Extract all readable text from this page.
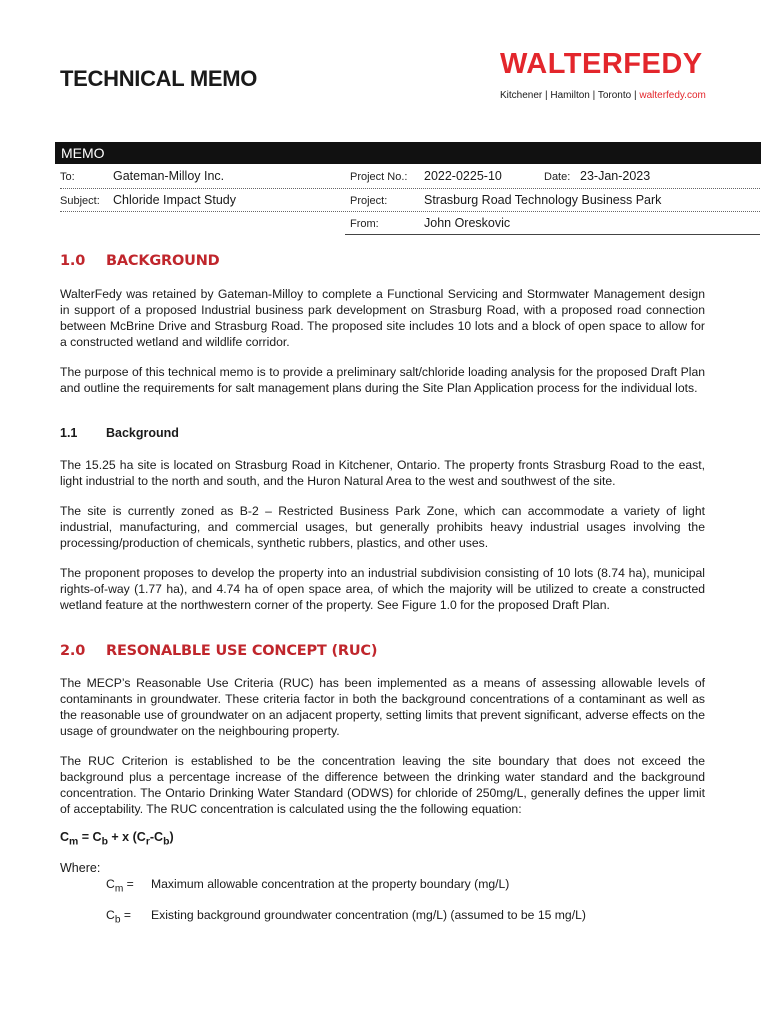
TECHNICAL MEMO	WALTERFEDY
Kitchener | Hamilton | Toronto | walterfedy.com
MEMO
To:	Gateman-Milloy Inc.	Project No.: 2022-0225-10	Date: 23-Jan-2023
Subject: Chloride Impact Study	Project:	Strasburg Road Technology Business Park
From:	John Oreskovic
1.0 BACKGROUND
WalterFedy was retained by Gateman-Milloy to complete a Functional Servicing and Stormwater Management design in support of a proposed Industrial business park development on Strasburg Road, with a proposed road connection between McBrine Drive and Strasburg Road. The proposed site includes 10 lots and a block of open space to allow for a constructed wetland and wildlife corridor.
The purpose of this technical memo is to provide a preliminary salt/chloride loading analysis for the proposed Draft Plan and outline the requirements for salt management plans during the Site Plan Application process for the individual lots.
1.1 Background
The 15.25 ha site is located on Strasburg Road in Kitchener, Ontario. The property fronts Strasburg Road to the east, light industrial to the north and south, and the Huron Natural Area to the west and southwest of the site.
The site is currently zoned as B-2 – Restricted Business Park Zone, which can accommodate a variety of light industrial, manufacturing, and commercial usages, but generally prohibits heavy industrial usages involving the processing/production of chemicals, synthetic rubbers, plastics, and other uses.
The proponent proposes to develop the property into an industrial subdivision consisting of 10 lots (8.74 ha), municipal rights-of-way (1.77 ha), and 4.74 ha of open space area, of which the majority will be utilized to create a constructed wetland feature at the northwestern corner of the property. See Figure 1.0 for the proposed Draft Plan.
2.0 RESONALBLE USE CONCEPT (RUC)
The MECP’s Reasonable Use Criteria (RUC) has been implemented as a means of assessing allowable levels of contaminants in groundwater. These criteria factor in both the background concentrations of a contaminant as well as the reasonable use of groundwater on an adjacent property, setting limits that prevent significant, adverse effects on the usage of groundwater on the neighbouring property.
The RUC Criterion is established to be the concentration leaving the site boundary that does not exceed the background plus a percentage increase of the difference between the drinking water standard and the background concentration. The Ontario Drinking Water Standard (ODWS) for chloride of 250mg/L, generally defines the upper limit of acceptability. The RUC concentration is calculated using the the following equation:
$C_m = C_b + x$ $(C_r-C_b)$
Where:
$C_m$ = Maximum allowable concentration at the property boundary (mg/L)
$C_b$ = Existing background groundwater concentration (mg/L) (assumed to be 15 mg/L)
